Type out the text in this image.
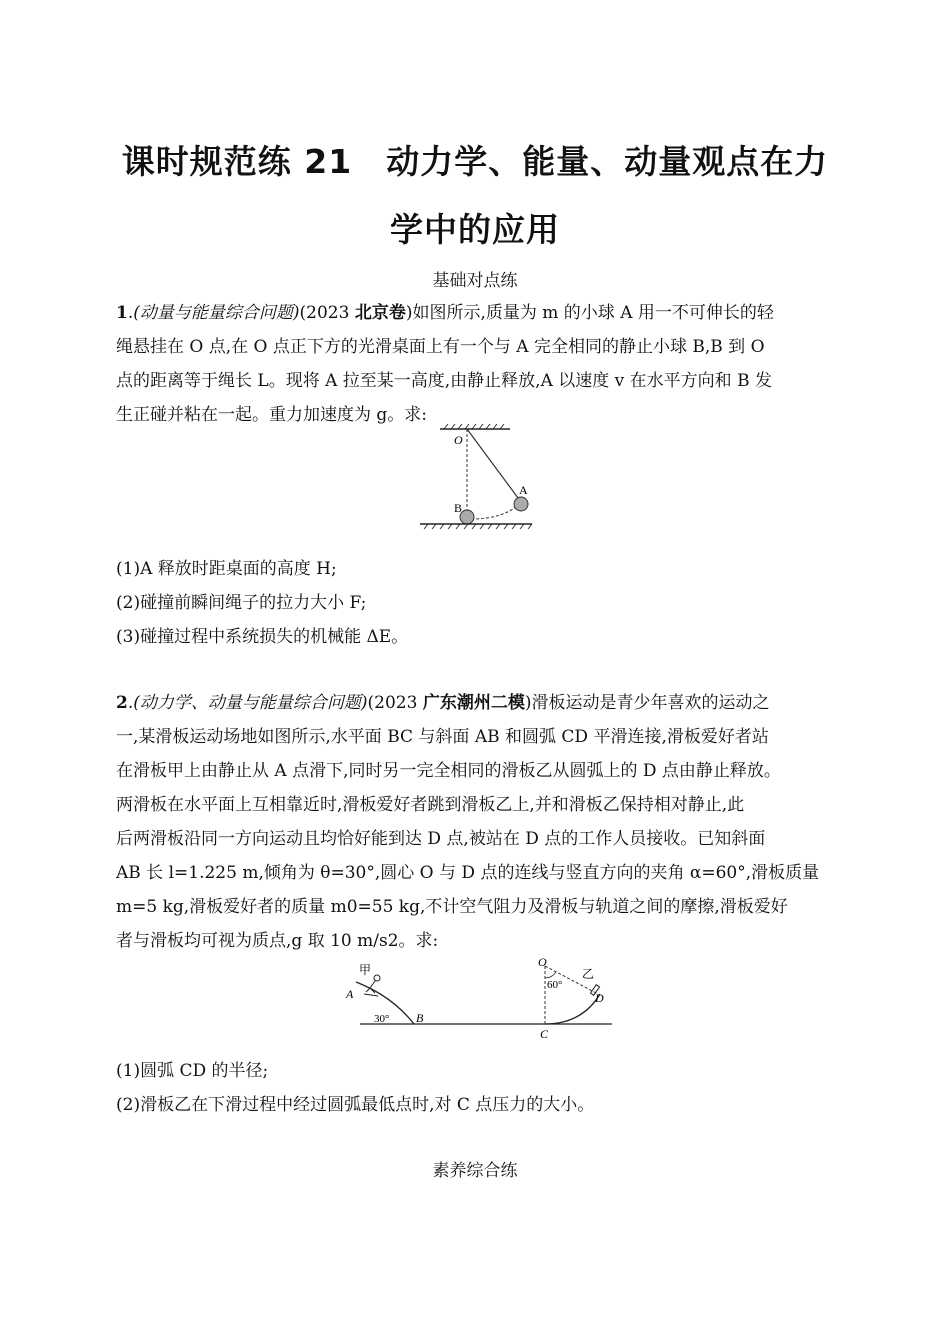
课时规范练 21　动力学、能量、动量观点在力
学中的应用
基础对点练
1.(动量与能量综合问题)(2023 北京卷)如图所示,质量为 m 的小球 A 用一不可伸长的轻
绳悬挂在 O 点,在 O 点正下方的光滑桌面上有一个与 A 完全相同的静止小球 B,B 到 O
点的距离等于绳长 L。现将 A 拉至某一高度,由静止释放,A 以速度 v 在水平方向和 B 发
生正碰并粘在一起。重力加速度为 g。求:
O
A
B
(1)A 释放时距桌面的高度 H;
(2)碰撞前瞬间绳子的拉力大小 F;
(3)碰撞过程中系统损失的机械能 ΔE。
2.(动力学、动量与能量综合问题)(2023 广东潮州二模)滑板运动是青少年喜欢的运动之
一,某滑板运动场地如图所示,水平面 BC 与斜面 AB 和圆弧 CD 平滑连接,滑板爱好者站
在滑板甲上由静止从 A 点滑下,同时另一完全相同的滑板乙从圆弧上的 D 点由静止释放。
两滑板在水平面上互相靠近时,滑板爱好者跳到滑板乙上,并和滑板乙保持相对静止,此
后两滑板沿同一方向运动且均恰好能到达 D 点,被站在 D 点的工作人员接收。已知斜面
AB 长 l=1.225 m,倾角为 θ=30°,圆心 O 与 D 点的连线与竖直方向的夹角 α=60°,滑板质量
m=5 kg,滑板爱好者的质量 m0=55 kg,不计空气阻力及滑板与轨道之间的摩擦,滑板爱好
者与滑板均可视为质点,g 取 10 m/s2。求:
甲
A
30° B
C
O
60°
乙
D
(1)圆弧 CD 的半径;
(2)滑板乙在下滑过程中经过圆弧最低点时,对 C 点压力的大小。
素养综合练
